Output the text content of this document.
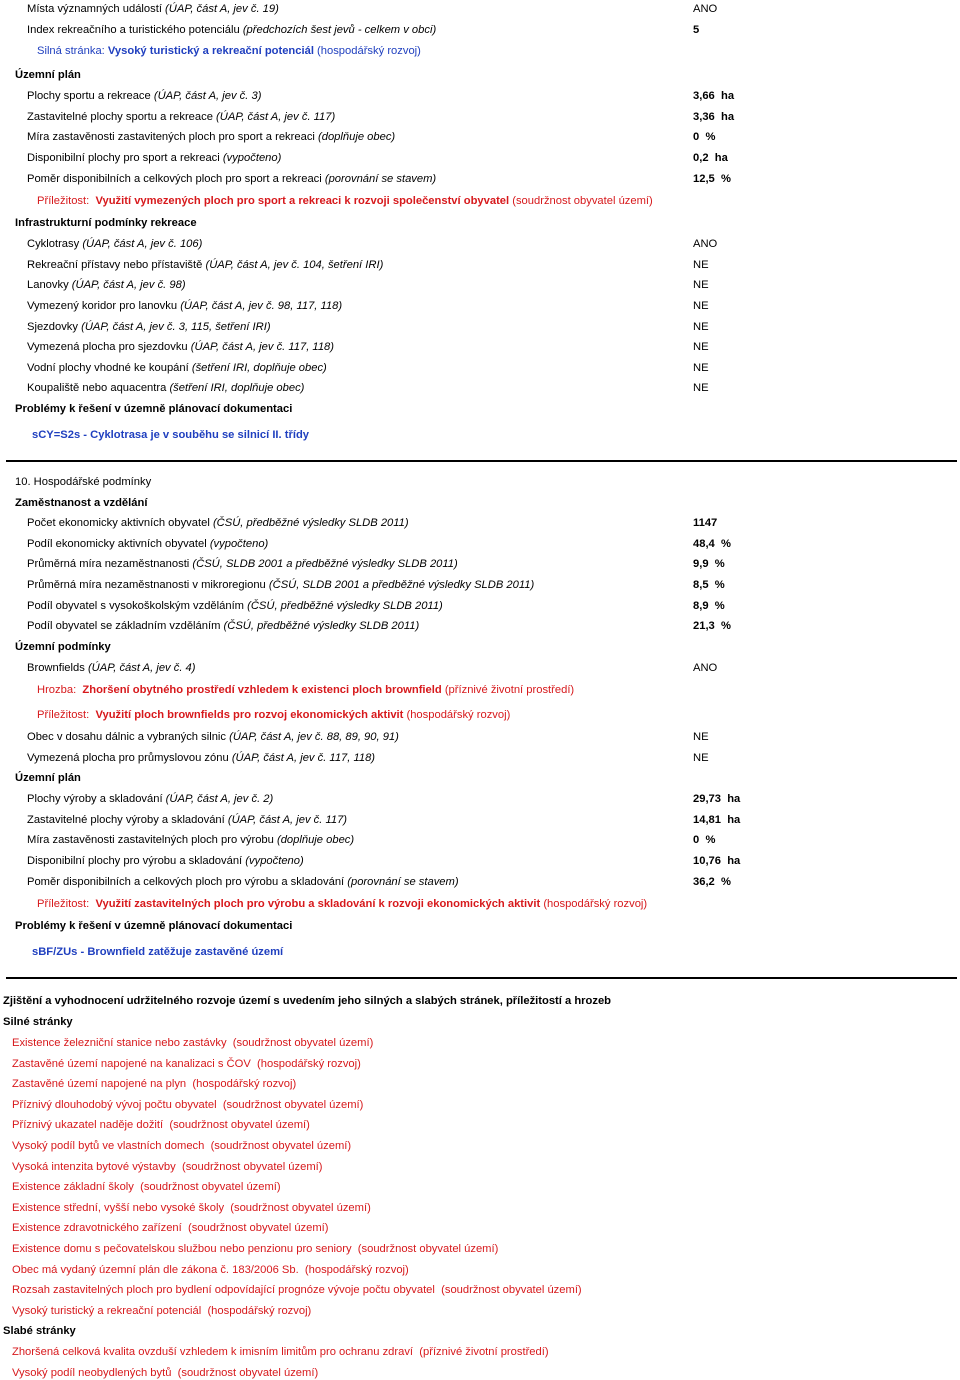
Místa významných událostí (ÚAP, část A, jev č. 19)	ANO
Index rekreačního a turistického potenciálu (předchozích šest jevů - celkem v obci)	5
Silná stránka: Vysoký turistický a rekreační potenciál (hospodářský rozvoj)
Územní plán
Plochy sportu a rekreace (ÚAP, část A, jev č. 3)	3,66 ha
Zastavitelné plochy sportu a rekreace (ÚAP, část A, jev č. 117)	3,36 ha
Míra zastavěnosti zastavitených ploch pro sport a rekreaci (doplňuje obec)	0 %
Disponibilní plochy pro sport a rekreaci (vypočteno)	0,2 ha
Poměr disponibilních a celkových ploch pro sport a rekreaci (porovnání se stavem)	12,5 %
Příležitost: Využití vymezených ploch pro sport a rekreaci k rozvoji společenství obyvatel (soudržnost obyvatel území)
Infrastrukturní podmínky rekreace
Cyklotrasy (ÚAP, část A, jev č. 106)	ANO
Rekreační přístavy nebo přístaviště (ÚAP, část A, jev č. 104, šetření IRI)	NE
Lanovky (ÚAP, část A, jev č. 98)	NE
Vymezený koridor pro lanovku (ÚAP, část A, jev č. 98, 117, 118)	NE
Sjezdovky (ÚAP, část A, jev č. 3, 115, šetření IRI)	NE
Vymezená plocha pro sjezdovku (ÚAP, část A, jev č. 117, 118)	NE
Vodní plochy vhodné ke koupání (šetření IRI, doplňuje obec)	NE
Koupaliště nebo aquacentra (šetření IRI, doplňuje obec)	NE
Problémy k řešení v územně plánovací dokumentaci
sCY=S2s - Cyklotrasa je v souběhu se silnicí II. třídy
10. Hospodářské podmínky
Zaměstnanost a vzdělání
Počet ekonomicky aktivních obyvatel (ČSÚ, předběžné výsledky SLDB 2011)	1147
Podíl ekonomicky aktivních obyvatel (vypočteno)	48,4 %
Průměrná míra nezaměstnanosti (ČSÚ, SLDB 2001 a předběžné výsledky SLDB 2011)	9,9 %
Průměrná míra nezaměstnanosti v mikroregionu (ČSÚ, SLDB 2001 a předběžné výsledky SLDB 2011)	8,5 %
Podíl obyvatel s vysokoškolským vzděláním (ČSÚ, předběžné výsledky SLDB 2011)	8,9 %
Podíl obyvatel se základním vzděláním (ČSÚ, předběžné výsledky SLDB 2011)	21,3 %
Územní podmínky
Brownfields (ÚAP, část A, jev č. 4)	ANO
Hrozba: Zhoršení obytného prostředí vzhledem k existenci ploch brownfield (příznivé životní prostředí)
Příležitost: Využití ploch brownfields pro rozvoj ekonomických aktivit (hospodářský rozvoj)
Obec v dosahu dálnic a vybraných silnic (ÚAP, část A, jev č. 88, 89, 90, 91)	NE
Vymezená plocha pro průmyslovou zónu (ÚAP, část A, jev č. 117, 118)	NE
Územní plán
Plochy výroby a skladování (ÚAP, část A, jev č. 2)	29,73 ha
Zastavitelné plochy výroby a skladování (ÚAP, část A, jev č. 117)	14,81 ha
Míra zastavěnosti zastavitelných ploch pro výrobu (doplňuje obec)	0 %
Disponibilní plochy pro výrobu a skladování (vypočteno)	10,76 ha
Poměr disponibilních a celkových ploch pro výrobu a skladování (porovnání se stavem)	36,2 %
Příležitost: Využití zastavitelných ploch pro výrobu a skladování k rozvoji ekonomických aktivit (hospodářský rozvoj)
Problémy k řešení v územně plánovací dokumentaci
sBF/ZUs - Brownfield zatěžuje zastavěné území
Zjištění a vyhodnocení udržitelného rozvoje území s uvedením jeho silných a slabých stránek, příležitostí a hrozeb
Silné stránky
Existence železniční stanice nebo zastávky (soudržnost obyvatel území)
Zastavěné území napojené na kanalizaci s ČOV (hospodářský rozvoj)
Zastavěné území napojené na plyn (hospodářský rozvoj)
Příznivý dlouhodobý vývoj počtu obyvatel (soudržnost obyvatel území)
Příznivý ukazatel naděje dožití (soudržnost obyvatel území)
Vysoký podíl bytů ve vlastních domech (soudržnost obyvatel území)
Vysoká intenzita bytové výstavby (soudržnost obyvatel území)
Existence základní školy (soudržnost obyvatel území)
Existence střední, vyšší nebo vysoké školy (soudržnost obyvatel území)
Existence zdravotnického zařízení (soudržnost obyvatel území)
Existence domu s pečovatelskou službou nebo penzionu pro seniory (soudržnost obyvatel území)
Obec má vydaný územní plán dle zákona č. 183/2006 Sb. (hospodářský rozvoj)
Rozsah zastavitelných ploch pro bydlení odpovídající prognóze vývoje počtu obyvatel (soudržnost obyvatel území)
Vysoký turistický a rekreační potenciál (hospodářský rozvoj)
Slabé stránky
Zhoršená celková kvalita ovzduší vzhledem k imisním limitům pro ochranu zdraví (příznivé životní prostředí)
Vysoký podíl neobydlených bytů (soudržnost obyvatel území)
